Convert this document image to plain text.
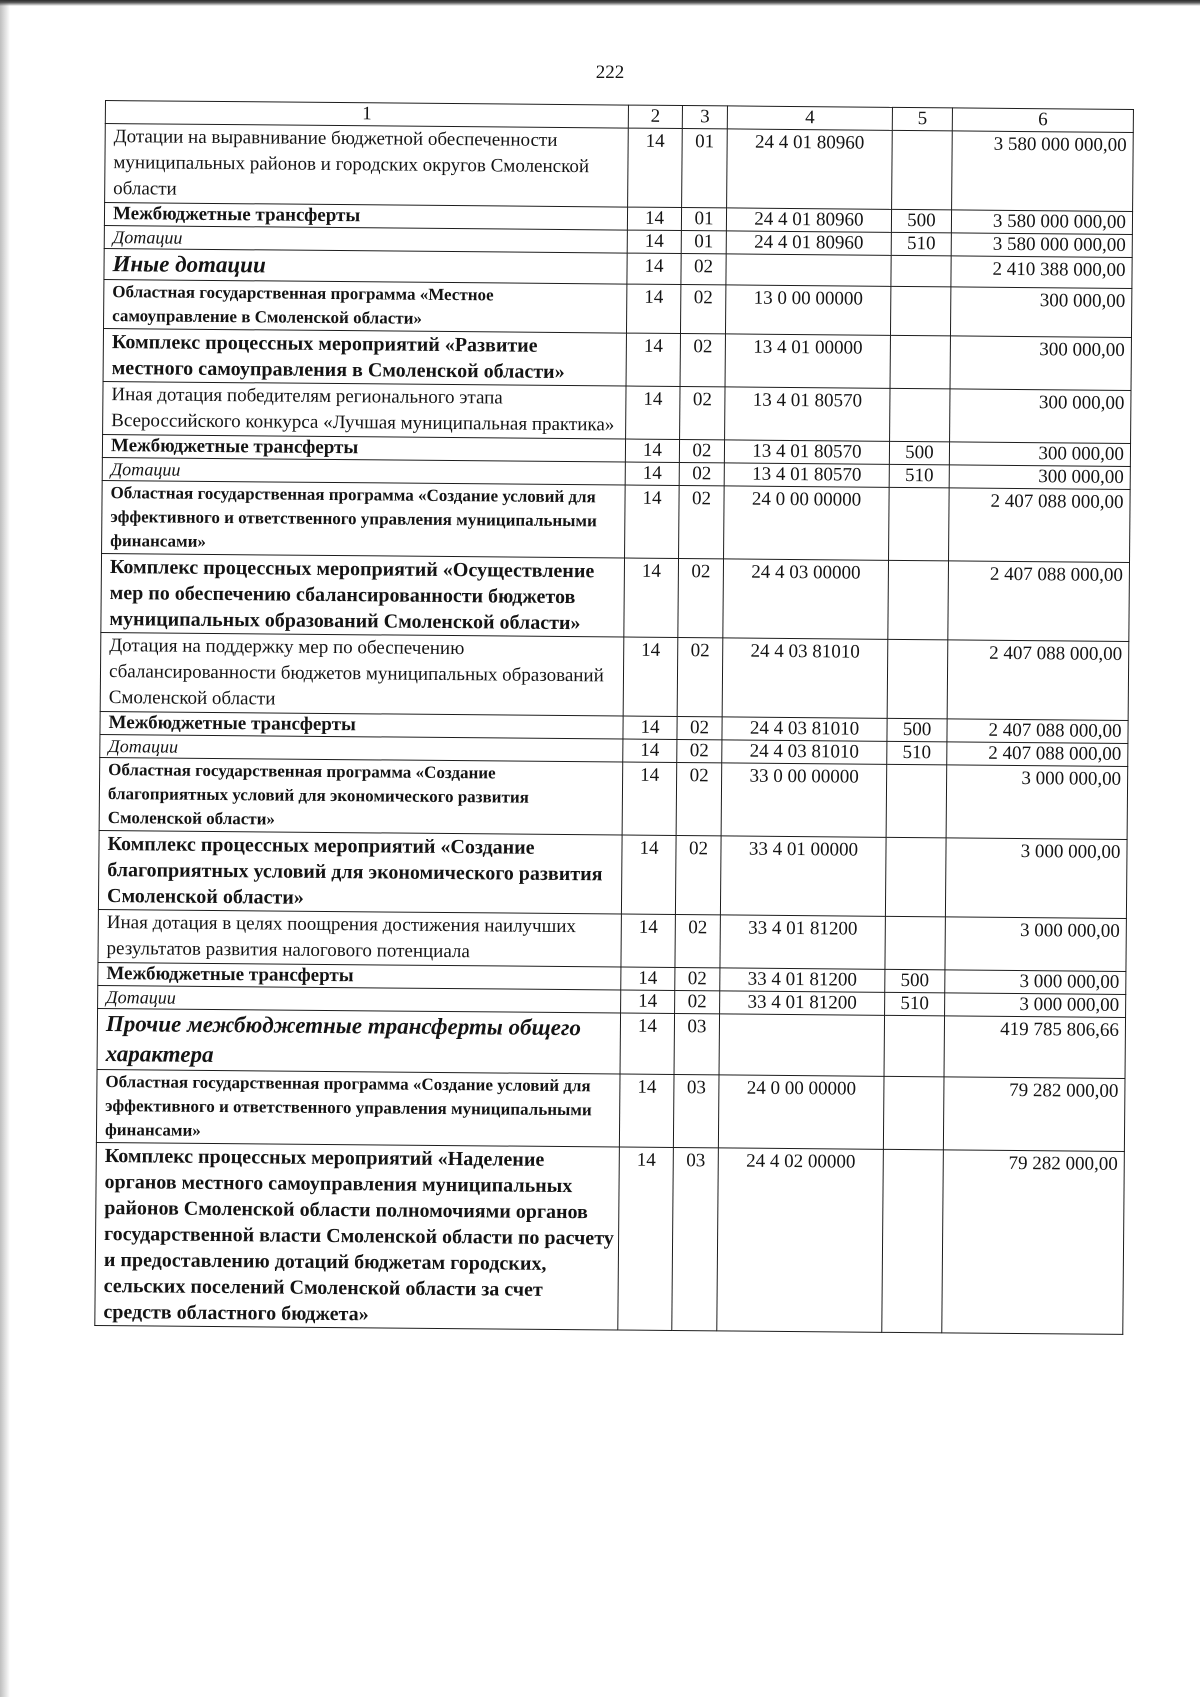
222
1	2	3	4	5	6
Дотации на выравнивание бюджетной обеспеченности муниципальных районов и городских округов Смоленской области	14	01	24 4 01 80960		3 580 000 000,00
Межбюджетные трансферты	14	01	24 4 01 80960	500	3 580 000 000,00
Дотации	14	01	24 4 01 80960	510	3 580 000 000,00
Иные дотации	14	02			2 410 388 000,00
Областная государственная программа «Местное самоуправление в Смоленской области»	14	02	13 0 00 00000		300 000,00
Комплекс процессных мероприятий «Развитие местного самоуправления в Смоленской области»	14	02	13 4 01 00000		300 000,00
Иная дотация победителям регионального этапа Всероссийского конкурса «Лучшая муниципальная практика»	14	02	13 4 01 80570		300 000,00
Межбюджетные трансферты	14	02	13 4 01 80570	500	300 000,00
Дотации	14	02	13 4 01 80570	510	300 000,00
Областная государственная программа «Создание условий для эффективного и ответственного управления муниципальными финансами»	14	02	24 0 00 00000		2 407 088 000,00
Комплекс процессных мероприятий «Осуществление мер по обеспечению сбалансированности бюджетов муниципальных образований Смоленской области»	14	02	24 4 03 00000		2 407 088 000,00
Дотация на поддержку мер по обеспечению сбалансированности бюджетов муниципальных образований Смоленской области	14	02	24 4 03 81010		2 407 088 000,00
Межбюджетные трансферты	14	02	24 4 03 81010	500	2 407 088 000,00
Дотации	14	02	24 4 03 81010	510	2 407 088 000,00
Областная государственная программа «Создание благоприятных условий для экономического развития Смоленской области»	14	02	33 0 00 00000		3 000 000,00
Комплекс процессных мероприятий «Создание благоприятных условий для экономического развития Смоленской области»	14	02	33 4 01 00000		3 000 000,00
Иная дотация в целях поощрения достижения наилучших результатов развития налогового потенциала	14	02	33 4 01 81200		3 000 000,00
Межбюджетные трансферты	14	02	33 4 01 81200	500	3 000 000,00
Дотации	14	02	33 4 01 81200	510	3 000 000,00
Прочие межбюджетные трансферты общего характера	14	03			419 785 806,66
Областная государственная программа «Создание условий для эффективного и ответственного управления муниципальными финансами»	14	03	24 0 00 00000		79 282 000,00
Комплекс процессных мероприятий «Наделение органов местного самоуправления муниципальных районов Смоленской области полномочиями органов государственной власти Смоленской области по расчету и предоставлению дотаций бюджетам городских, сельских поселений Смоленской области за счет средств областного бюджета»	14	03	24 4 02 00000		79 282 000,00
